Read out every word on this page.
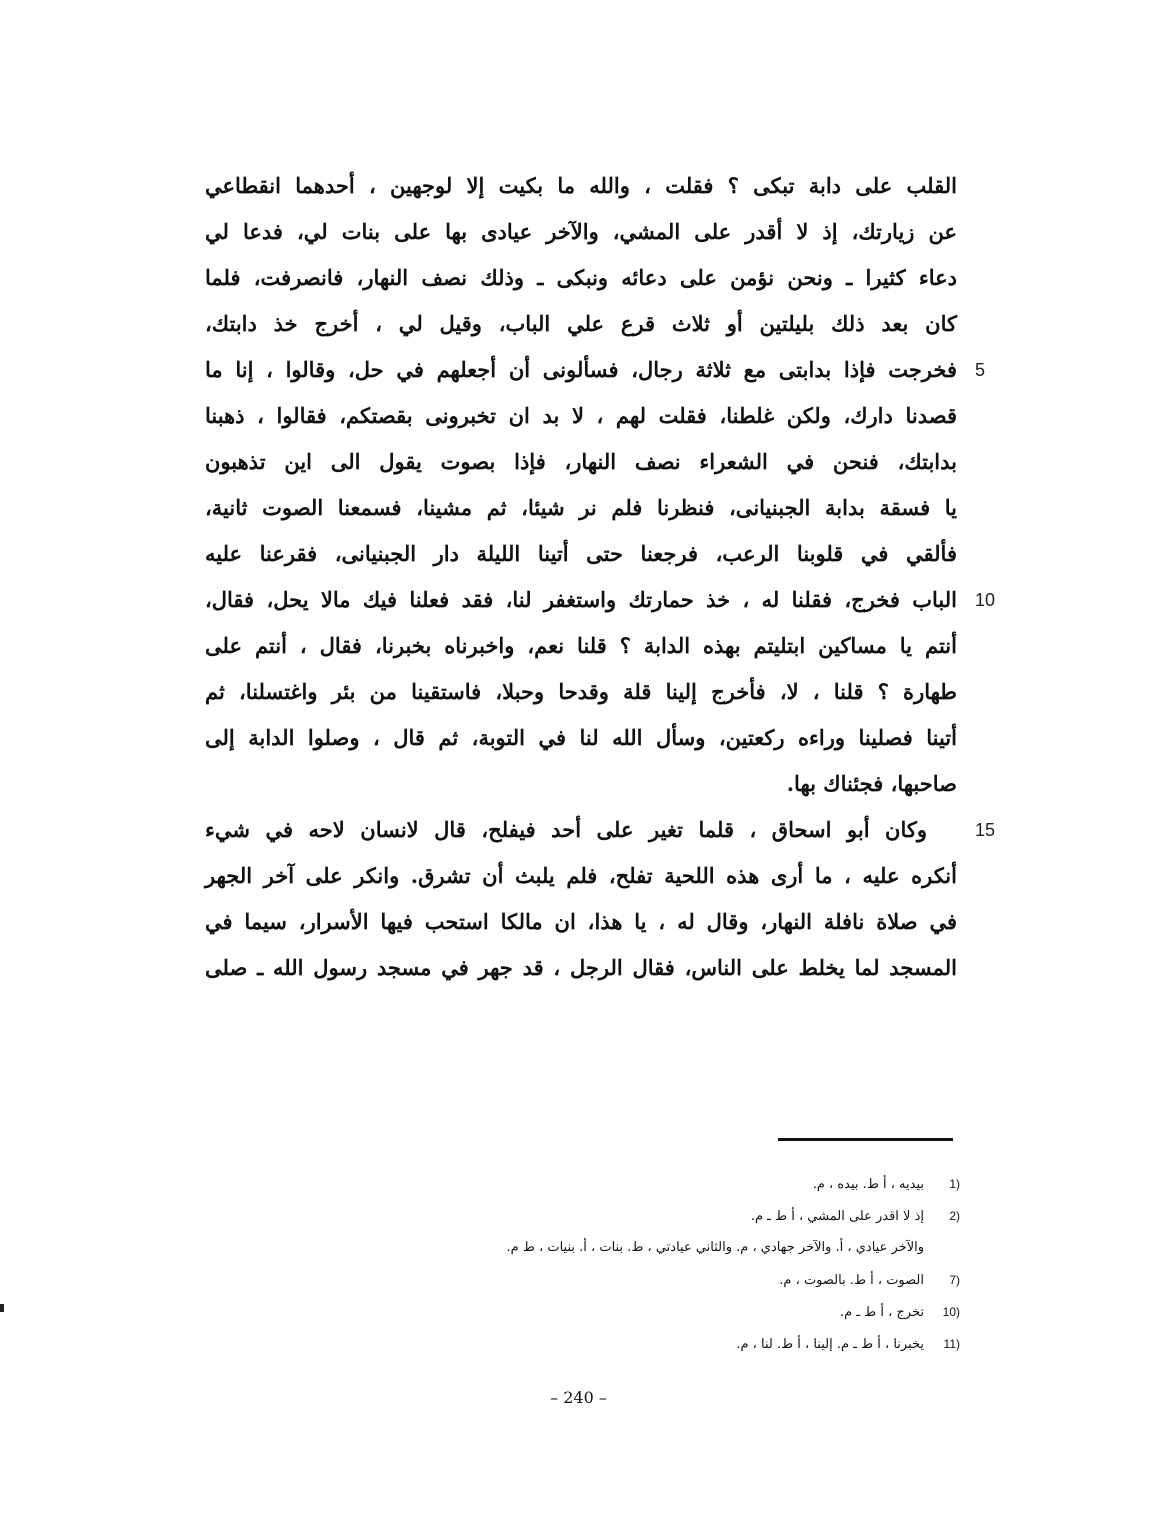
القلب على دابة تبكى ؟ فقلت ، والله ما بكيت إلا لوجهين ، أحدهما انقطاعي
عن زيارتك، إذ لا أقدر على المشي، والآخر عيادى بها على بنات لي، فدعا لي
دعاء كثيرا ـ ونحن نؤمن على دعائه ونبكى ـ وذلك نصف النهار، فانصرفت، فلما
كان بعد ذلك بليلتين أو ثلاث قرع علي الباب، وقيل لي ، أخرج خذ دابتك،
فخرجت فإذا بدابتى مع ثلاثة رجال، فسألونى أن أجعلهم في حل، وقالوا ، إنا ما
قصدنا دارك، ولكن غلطنا، فقلت لهم ، لا بد ان تخبرونى بقصتكم، فقالوا ، ذهبنا
بدابتك، فنحن في الشعراء نصف النهار، فإذا بصوت يقول الى اين تذهبون
يا فسقة بدابة الجبنيانى، فنظرنا فلم نر شيئا، ثم مشينا، فسمعنا الصوت ثانية،
فألقي في قلوبنا الرعب، فرجعنا حتى أتينا الليلة دار الجبنيانى، فقرعنا عليه
الباب فخرج، فقلنا له ، خذ حمارتك واستغفر لنا، فقد فعلنا فيك مالا يحل، فقال،
أنتم يا مساكين ابتليتم بهذه الدابة ؟ قلنا نعم، واخبرناه بخبرنا، فقال ، أنتم على
طهارة ؟ قلنا ، لا، فأخرج إلينا قلة وقدحا وحبلا، فاستقينا من بئر واغتسلنا، ثم
أتينا فصلينا وراءه ركعتين، وسأل الله لنا في التوبة، ثم قال ، وصلوا الدابة إلى
صاحبها، فجئناك بها.
وكان أبو اسحاق ، قلما تغير على أحد فيفلح، قال لانسان لاحه في شيء
أنكره عليه ، ما أرى هذه اللحية تفلح، فلم يلبث أن تشرق. وانكر على آخر الجهر
في صلاة نافلة النهار، وقال له ، يا هذا، ان مالكا استحب فيها الأسرار، سيما في
المسجد لما يخلط على الناس، فقال الرجل ، قد جهر في مسجد رسول الله ـ صلى
1)بيديه ، أ ط. بيده ، م.
2)إذ لا اقدر على المشي ، أ ط ـ م.
والآخر عيادي ، أ. والآخر جهادي ، م. والثاني عيادتي ، ط. بنات ، أ. بنيات ، ط م.
7)الصوت ، أ ط. بالصوت ، م.
10)تخرج ، أ ط ـ م.
11)يخبرنا ، أ ط ـ م. إلينا ، أ ط. لنا ، م.
– 240 –
5
10
15
